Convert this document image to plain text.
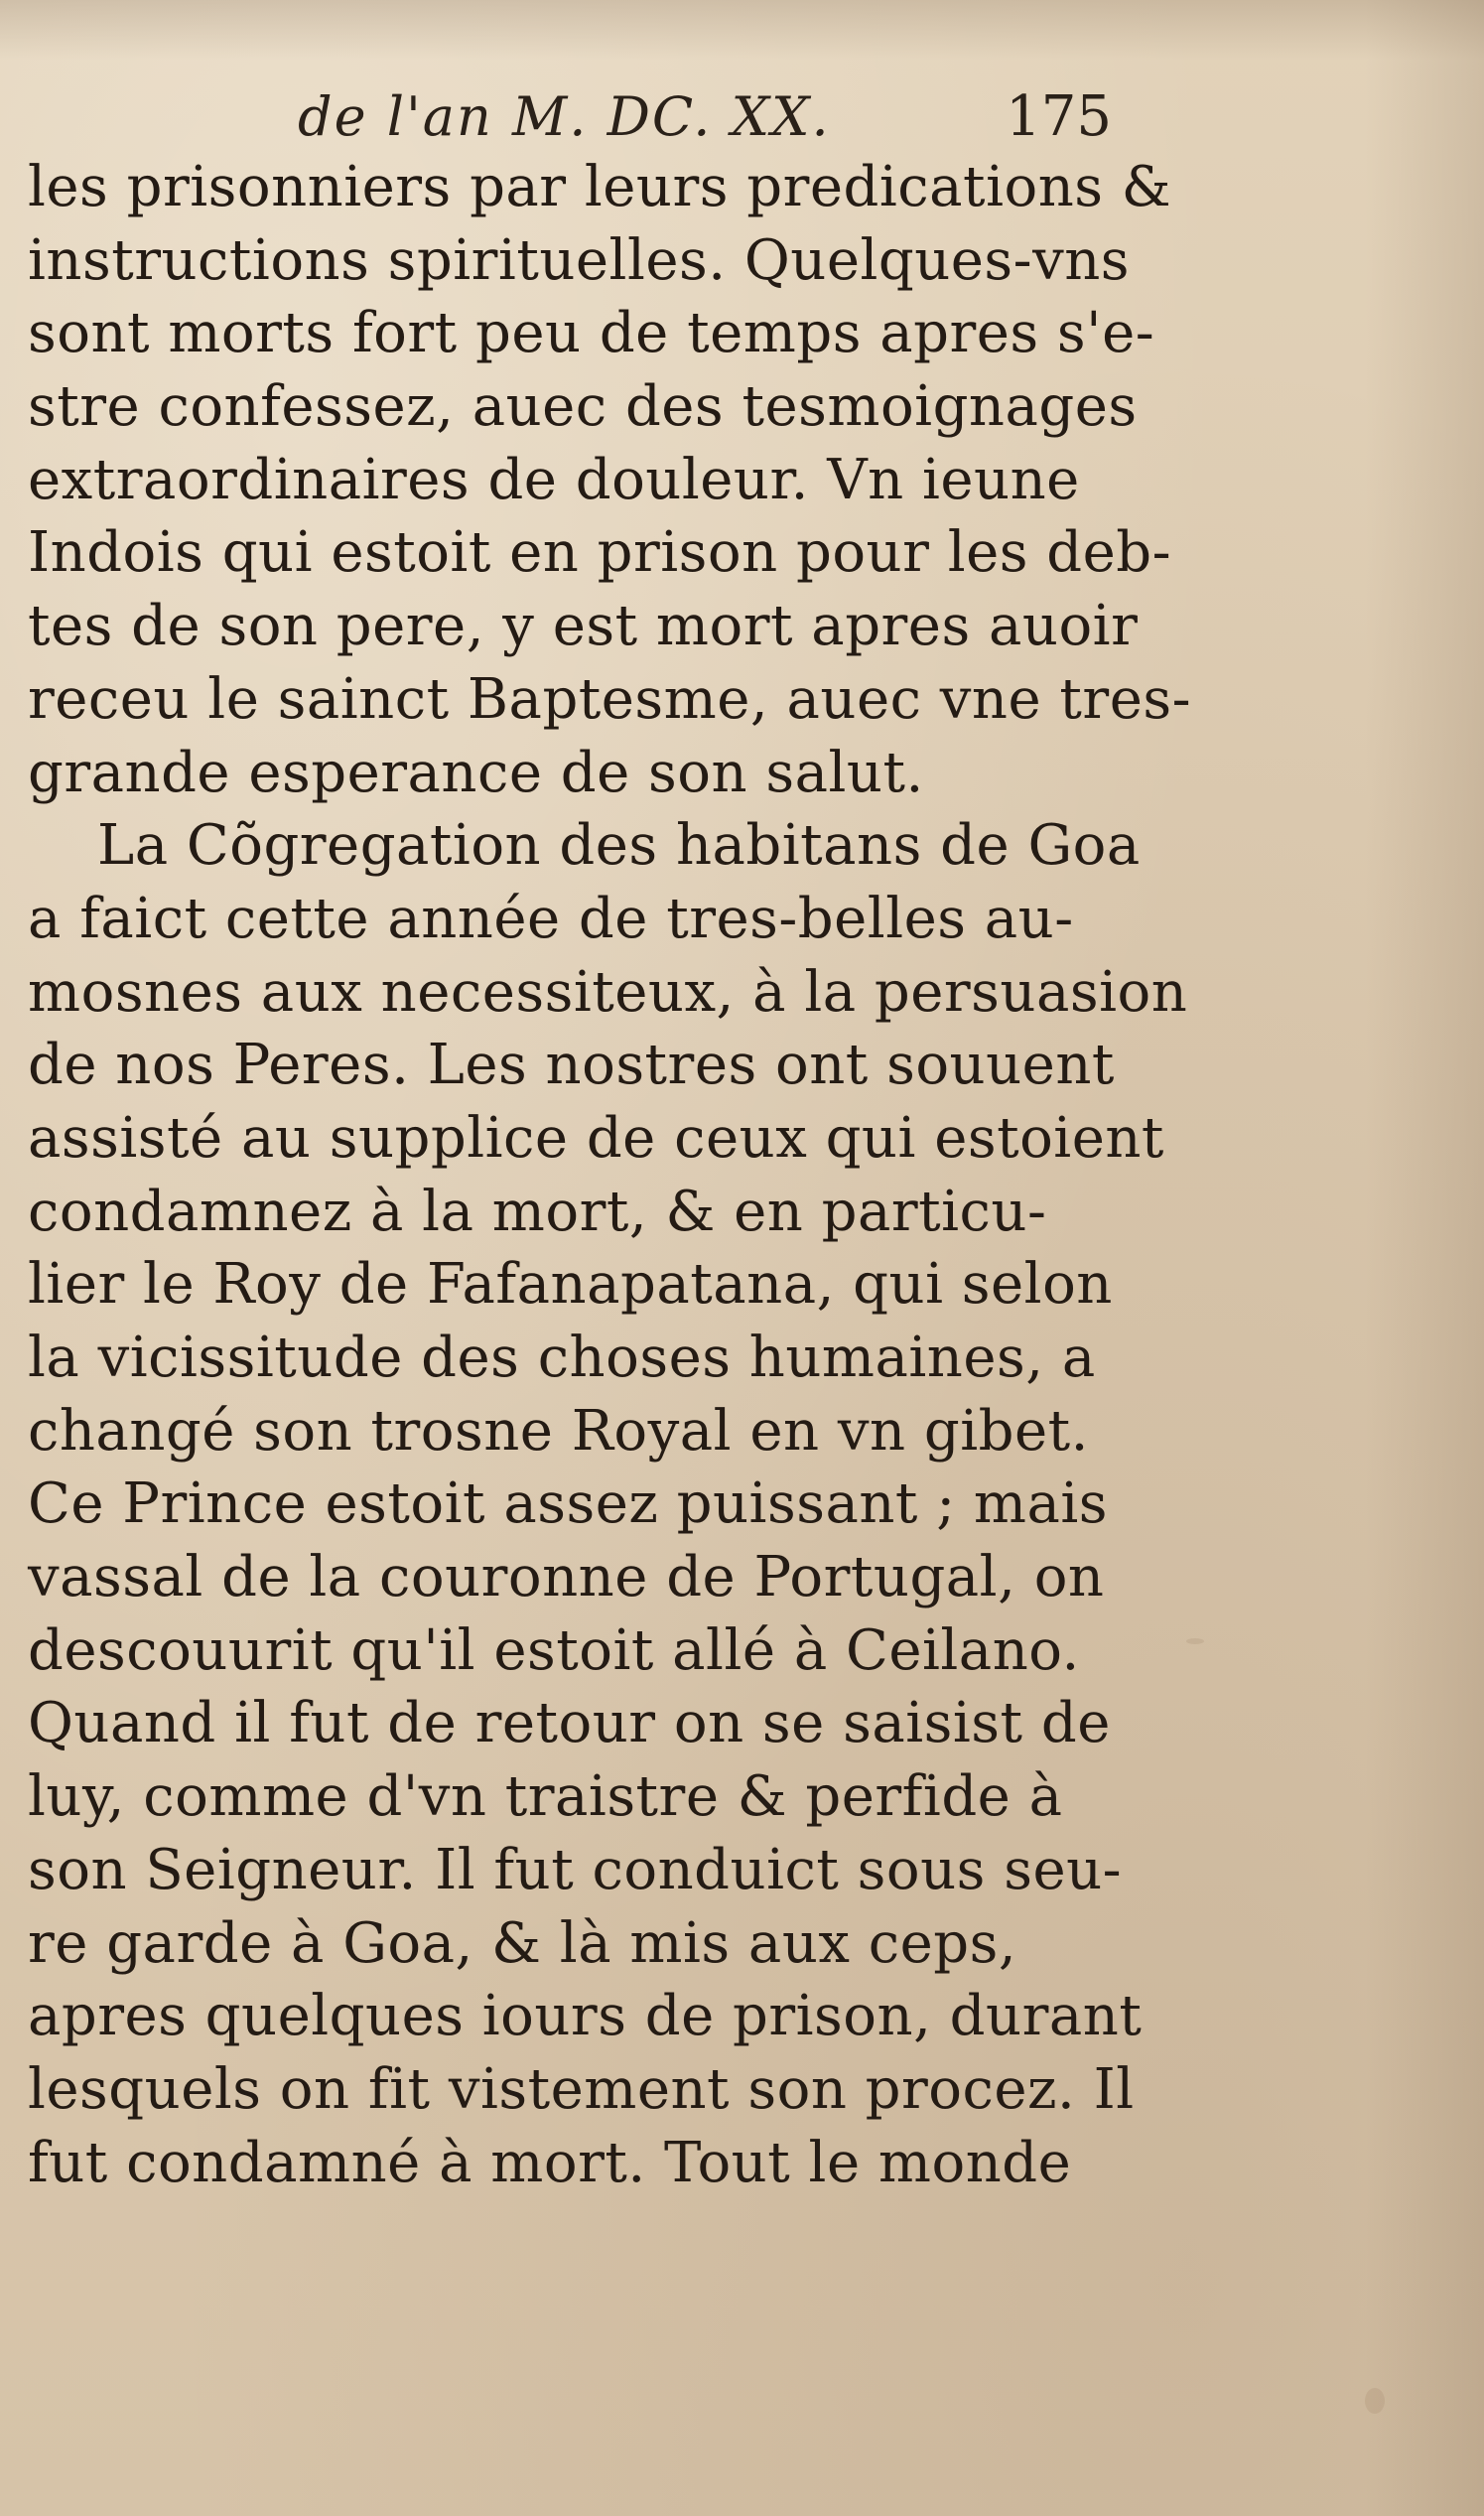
de l'an M. DC. XX.	175
les prisonniers par leurs predications &
instructions spirituelles. Quelques-vns
sont morts fort peu de temps apres s'e-
stre confessez, auec des tesmoignages
extraordinaires de douleur. Vn ieune
Indois qui estoit en prison pour les deb-
tes de son pere, y est mort apres auoir
receu le sainct Baptesme, auec vne tres-
grande esperance de son salut.
La Cõgregation des habitans de Goa
a faict cette année de tres-belles au-
mosnes aux necessiteux, à la persuasion
de nos Peres. Les nostres ont souuent
assisté au supplice de ceux qui estoient
condamnez à la mort, & en particu-
lier le Roy de Fafanapatana, qui selon
la vicissitude des choses humaines, a
changé son trosne Royal en vn gibet.
Ce Prince estoit assez puissant ; mais
vassal de la couronne de Portugal, on
descouurit qu'il estoit allé à Ceilano.
Quand il fut de retour on se saisist de
luy, comme d'vn traistre & perfide à
son Seigneur. Il fut conduict sous seu-
re garde à Goa, & là mis aux ceps,
apres quelques iours de prison, durant
lesquels on fit vistement son procez. Il
fut condamné à mort. Tout le monde
